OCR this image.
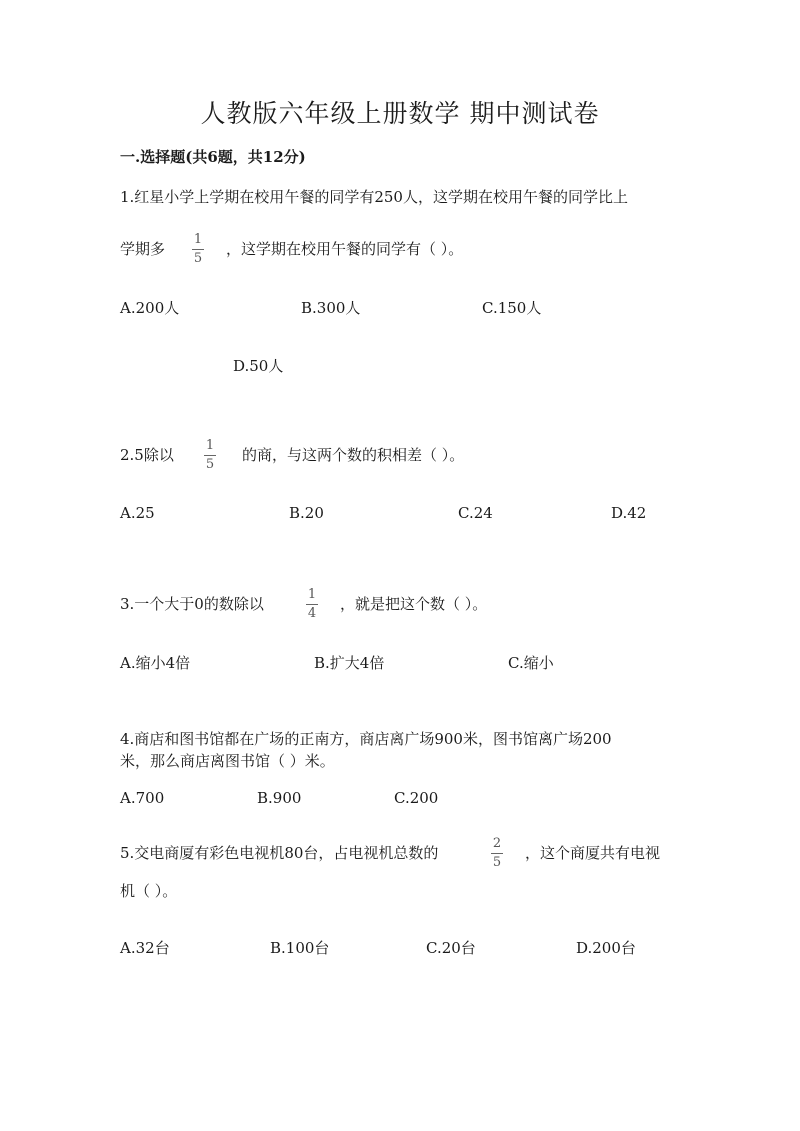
人教版六年级上册数学 期中测试卷
一.选择题(共6题，共12分)
1.红星小学上学期在校用午餐的同学有250人，这学期在校用午餐的同学比上
学期多
1
5
，这学期在校用午餐的同学有（ ）。
A.200人	B.300人	C.150人
D.50人
2.5除以
1
5
的商，与这两个数的积相差（ ）。
A.25	B.20	C.24	D.42
3.一个大于0的数除以
1
4
，就是把这个数（ ）。
A.缩小4倍	B.扩大4倍	C.缩小
4.商店和图书馆都在广场的正南方，商店离广场900米，图书馆离广场200
米，那么商店离图书馆（ ）米。
A.700	B.900	C.200
5.交电商厦有彩色电视机80台，占电视机总数的
2
5
，这个商厦共有电视
机（ ）。
A.32台	B.100台	C.20台	D.200台
